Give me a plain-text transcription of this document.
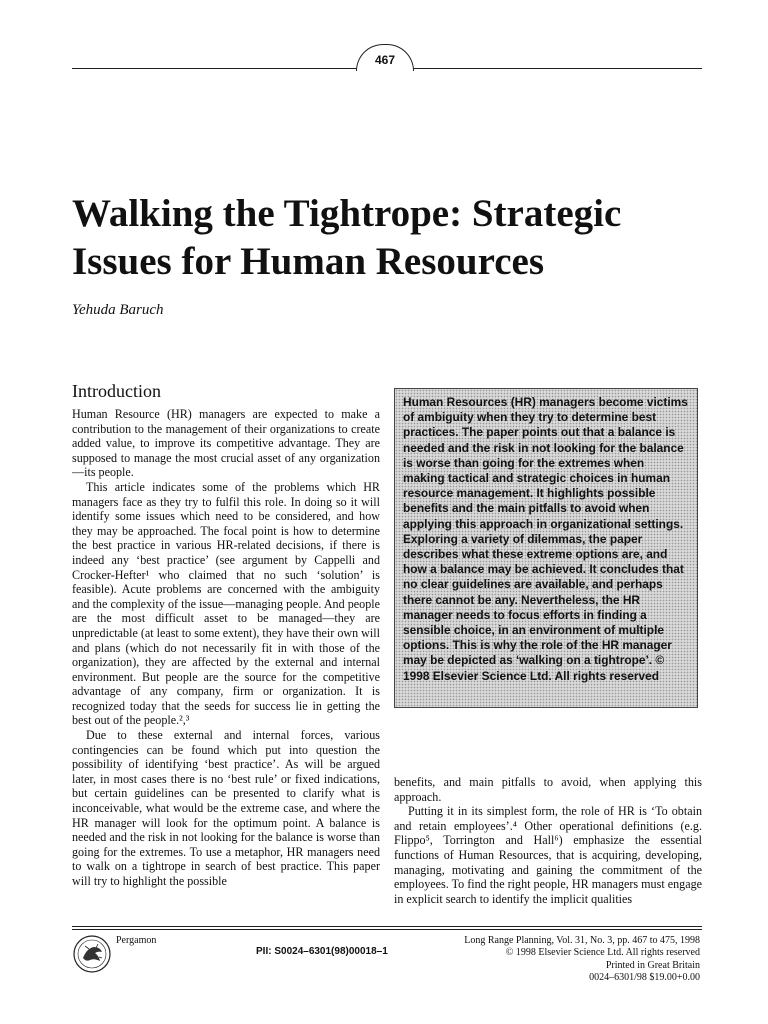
467
Walking the Tightrope: Strategic
Issues for Human Resources
Yehuda Baruch
Introduction

Human Resource (HR) managers are expected to make a contribution to the management of their organizations to create added value, to improve its competitive advantage. They are supposed to manage the most crucial asset of any organization—its people.

This article indicates some of the problems which HR managers face as they try to fulfil this role. In doing so it will identify some issues which need to be considered, and how they may be approached. The focal point is how to determine the best practice in various HR-related decisions, if there is indeed any ‘best practice’ (see argument by Cappelli and Crocker-Hefter¹ who claimed that no such ‘solution’ is feasible). Acute problems are concerned with the ambiguity and the complexity of the issue—managing people. And people are the most difficult asset to be managed—they are unpredictable (at least to some extent), they have their own will and plans (which do not necessarily fit in with those of the organization), they are affected by the external and internal environment. But people are the source for the competitive advantage of any company, firm or organization. It is recognized today that the seeds for success lie in getting the best out of the people.²,³

Due to these external and internal forces, various contingencies can be found which put into question the possibility of identifying ‘best practice’. As will be argued later, in most cases there is no ‘best rule’ or fixed indications, but certain guidelines can be presented to clarify what is inconceivable, what would be the extreme case, and where the HR manager will look for the optimum point. A balance is needed and the risk in not looking for the balance is worse than going for the extremes. To use a metaphor, HR managers need to walk on a tightrope in search of best practice. This paper will try to highlight the possible

Human Resources (HR) managers become victims of ambiguity when they try to determine best practices. The paper points out that a balance is needed and the risk in not looking for the balance is worse than going for the extremes when making tactical and strategic choices in human resource management. It highlights possible benefits and the main pitfalls to avoid when applying this approach in organizational settings. Exploring a variety of dilemmas, the paper describes what these extreme options are, and how a balance may be achieved. It concludes that no clear guidelines are available, and perhaps there cannot be any. Nevertheless, the HR manager needs to focus efforts in finding a sensible choice, in an environment of multiple options. This is why the role of the HR manager may be depicted as ‘walking on a tightrope’. © 1998 Elsevier Science Ltd. All rights reserved

benefits, and main pitfalls to avoid, when applying this approach.

Putting it in its simplest form, the role of HR is ‘To obtain and retain employees’.⁴ Other operational definitions (e.g. Flippo⁵, Torrington and Hall⁶) emphasize the essential functions of Human Resources, that is acquiring, developing, managing, motivating and gaining the commitment of the employees. To find the right people, HR managers must engage in explicit search to identify the implicit qualities

Pergamon
PII: S0024–6301(98)00018–1
Long Range Planning, Vol. 31, No. 3, pp. 467 to 475, 1998
© 1998 Elsevier Science Ltd. All rights reserved
Printed in Great Britain
0024–6301/98 $19.00+0.00
